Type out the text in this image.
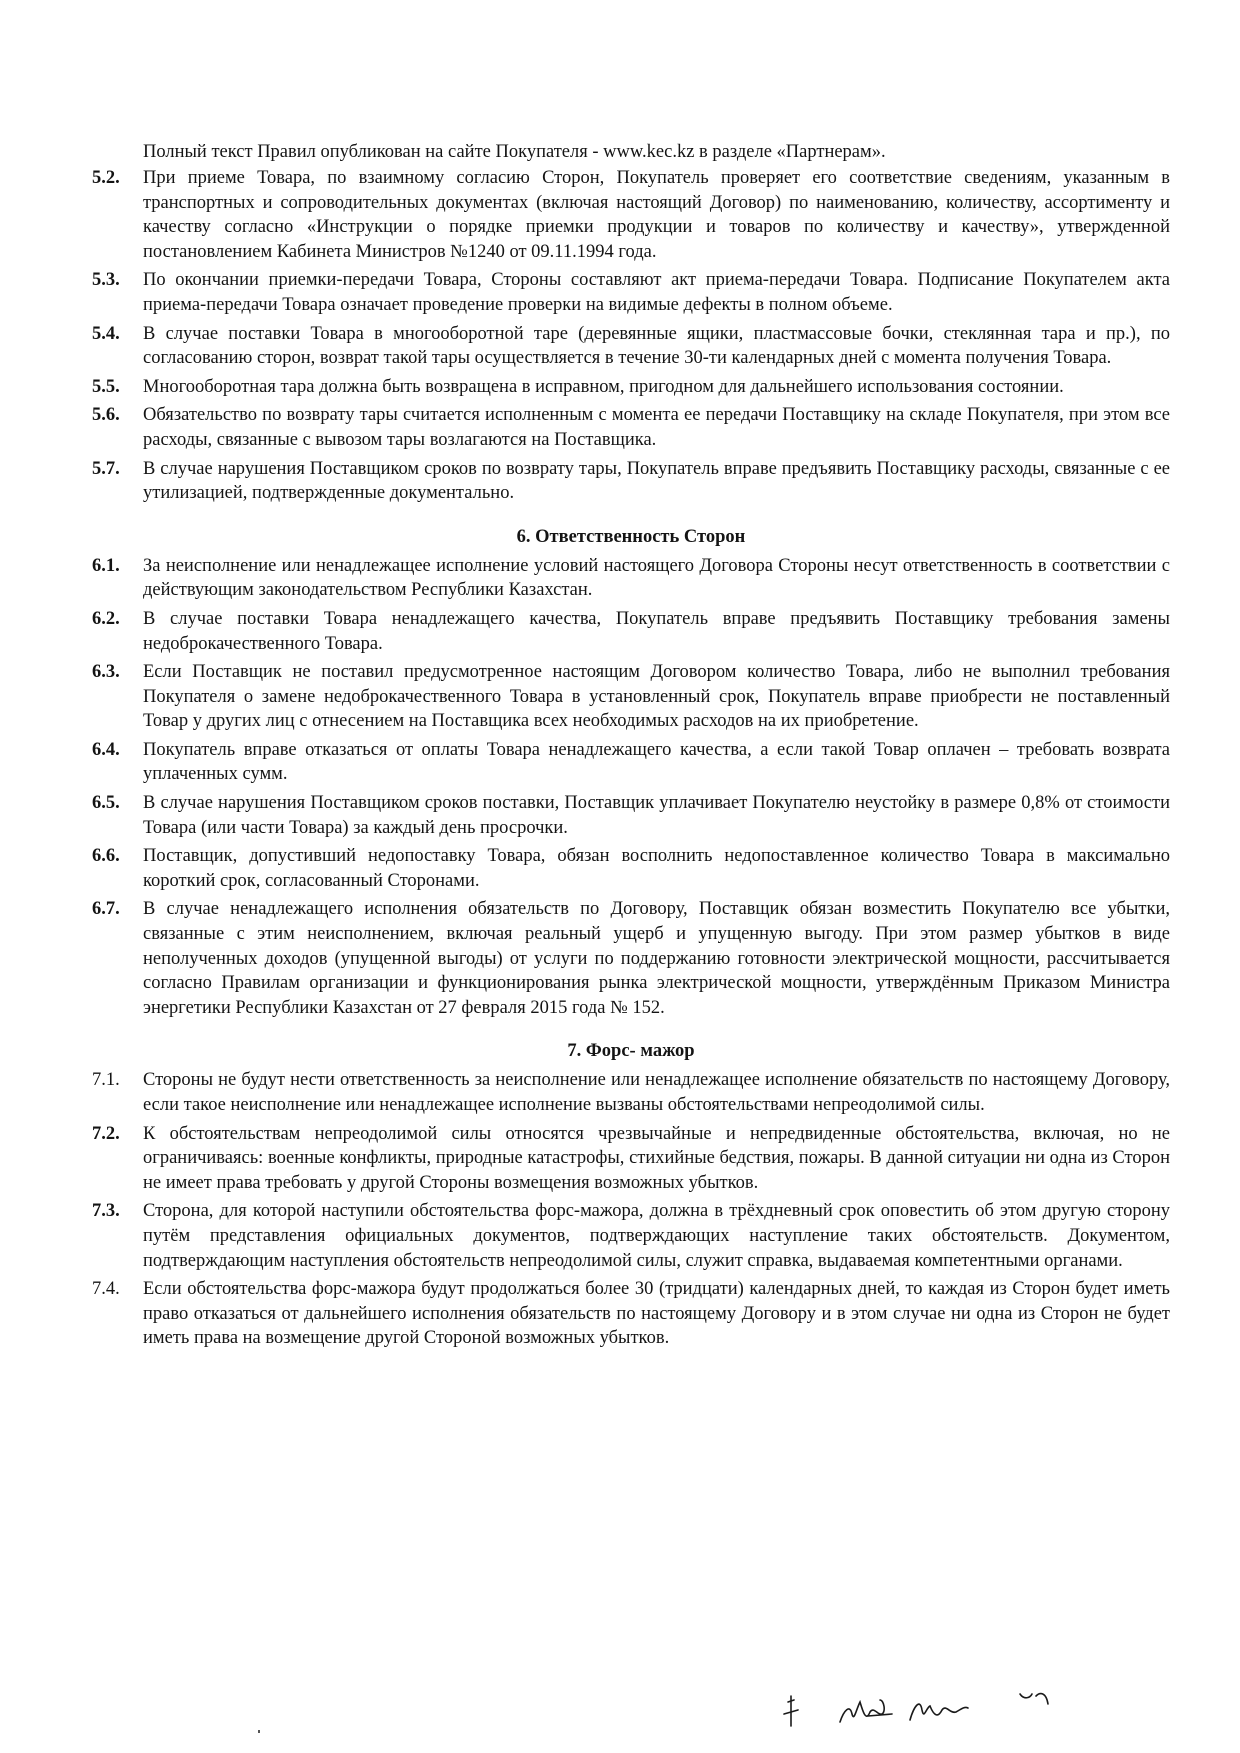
Полный текст Правил опубликован на сайте Покупателя - www.kec.kz в разделе «Партнерам».

5.2.	При приеме Товара, по взаимному согласию Сторон, Покупатель проверяет его соответствие сведениям, указанным в транспортных и сопроводительных документах (включая настоящий Договор) по наименованию, количеству, ассортименту и качеству согласно «Инструкции о порядке приемки продукции и товаров по количеству и качеству», утвержденной постановлением Кабинета Министров №1240 от 09.11.1994 года.
5.3.	По окончании приемки-передачи Товара, Стороны составляют акт приема-передачи Товара. Подписание Покупателем акта приема-передачи Товара означает проведение проверки на видимые дефекты в полном объеме.
5.4.	В случае поставки Товара в многооборотной таре (деревянные ящики, пластмассовые бочки, стеклянная тара и пр.), по согласованию сторон, возврат такой тары осуществляется в течение 30-ти календарных дней с момента получения Товара.
5.5.	Многооборотная тара должна быть возвращена в исправном, пригодном для дальнейшего использования состоянии.
5.6.	Обязательство по возврату тары считается исполненным с момента ее передачи Поставщику на складе Покупателя, при этом все расходы, связанные с вывозом тары возлагаются на Поставщика.
5.7.	В случае нарушения Поставщиком сроков по возврату тары, Покупатель вправе предъявить Поставщику расходы, связанные с ее утилизацией, подтвержденные документально.
6. Ответственность Сторон
6.1.	За неисполнение или ненадлежащее исполнение условий настоящего Договора Стороны несут ответственность в соответствии с действующим законодательством Республики Казахстан.
6.2.	В случае поставки Товара ненадлежащего качества, Покупатель вправе предъявить Поставщику требования замены недоброкачественного Товара.
6.3.	Если Поставщик не поставил предусмотренное настоящим Договором количество Товара, либо не выполнил требования Покупателя о замене недоброкачественного Товара в установленный срок, Покупатель вправе приобрести не поставленный Товар у других лиц с отнесением на Поставщика всех необходимых расходов на их приобретение.
6.4.	Покупатель вправе отказаться от оплаты Товара ненадлежащего качества, а если такой Товар оплачен – требовать возврата уплаченных сумм.
6.5.	В случае нарушения Поставщиком сроков поставки, Поставщик уплачивает Покупателю неустойку в размере 0,8% от стоимости Товара (или части Товара) за каждый день просрочки.
6.6.	Поставщик, допустивший недопоставку Товара, обязан восполнить недопоставленное количество Товара в максимально короткий срок, согласованный Сторонами.
6.7.	В случае ненадлежащего исполнения обязательств по Договору, Поставщик обязан возместить Покупателю все убытки, связанные с этим неисполнением, включая реальный ущерб и упущенную выгоду. При этом размер убытков в виде неполученных доходов (упущенной выгоды) от услуги по поддержанию готовности электрической мощности, рассчитывается согласно Правилам организации и функционирования рынка электрической мощности, утверждённым Приказом Министра энергетики Республики Казахстан от 27 февраля 2015 года № 152.
7. Форс- мажор
7.1.	Стороны не будут нести ответственность за неисполнение или ненадлежащее исполнение обязательств по настоящему Договору, если такое неисполнение или ненадлежащее исполнение вызваны обстоятельствами непреодолимой силы.
7.2.	К обстоятельствам непреодолимой силы относятся чрезвычайные и непредвиденные обстоятельства, включая, но не ограничиваясь: военные конфликты, природные катастрофы, стихийные бедствия, пожары. В данной ситуации ни одна из Сторон не имеет права требовать у другой Стороны возмещения возможных убытков.
7.3.	Сторона, для которой наступили обстоятельства форс-мажора, должна в трёхдневный срок оповестить об этом другую сторону путём представления официальных документов, подтверждающих наступление таких обстоятельств. Документом, подтверждающим наступления обстоятельств непреодолимой силы, служит справка, выдаваемая компетентными органами.
7.4.	Если обстоятельства форс-мажора будут продолжаться более 30 (тридцати) календарных дней, то каждая из Сторон будет иметь право отказаться от дальнейшего исполнения обязательств по настоящему Договору и в этом случае ни одна из Сторон не будет иметь права на возмещение другой Стороной возможных убытков.
